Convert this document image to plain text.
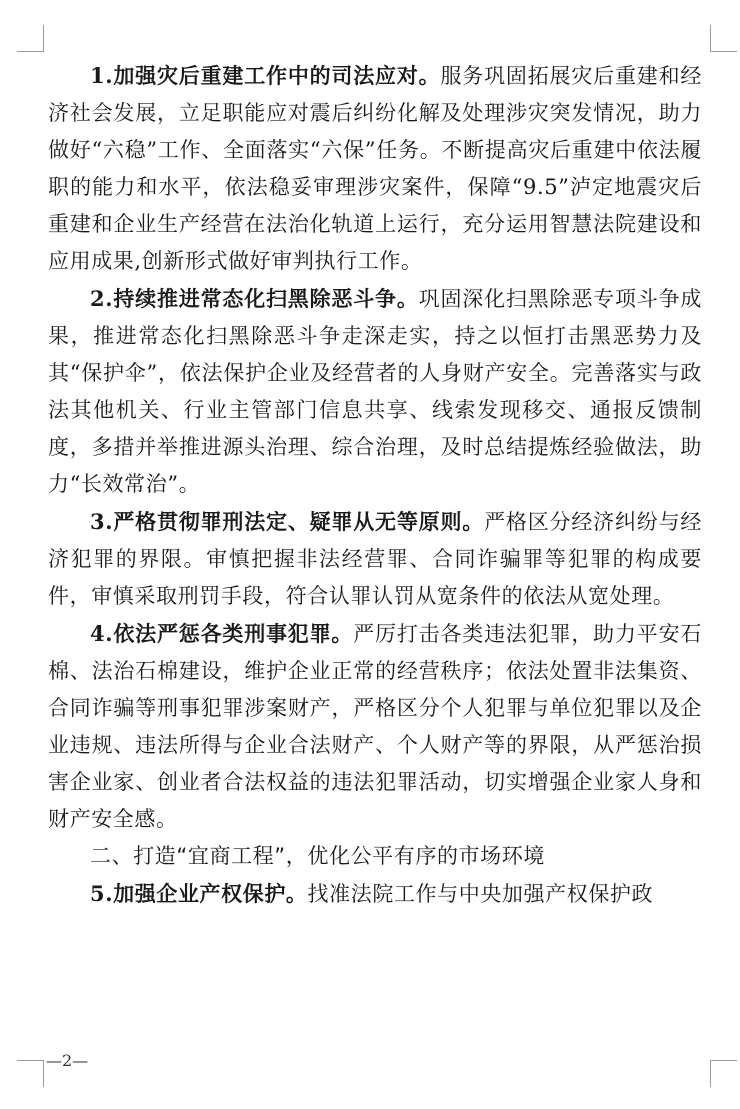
1.加强灾后重建工作中的司法应对。服务巩固拓展灾后重建和经济社会发展，立足职能应对震后纠纷化解及处理涉灾突发情况，助力做好“六稳”工作、全面落实“六保”任务。不断提高灾后重建中依法履职的能力和水平，依法稳妥审理涉灾案件，保障“9.5”泸定地震灾后重建和企业生产经营在法治化轨道上运行，充分运用智慧法院建设和应用成果,创新形式做好审判执行工作。

2.持续推进常态化扫黑除恶斗争。巩固深化扫黑除恶专项斗争成果，推进常态化扫黑除恶斗争走深走实，持之以恒打击黑恶势力及其“保护伞”，依法保护企业及经营者的人身财产安全。完善落实与政法其他机关、行业主管部门信息共享、线索发现移交、通报反馈制度，多措并举推进源头治理、综合治理，及时总结提炼经验做法，助力“长效常治”。

3.严格贯彻罪刑法定、疑罪从无等原则。严格区分经济纠纷与经济犯罪的界限。审慎把握非法经营罪、合同诈骗罪等犯罪的构成要件，审慎采取刑罚手段，符合认罪认罚从宽条件的依法从宽处理。

4.依法严惩各类刑事犯罪。严厉打击各类违法犯罪，助力平安石棉、法治石棉建设，维护企业正常的经营秩序；依法处置非法集资、合同诈骗等刑事犯罪涉案财产，严格区分个人犯罪与单位犯罪以及企业违规、违法所得与企业合法财产、个人财产等的界限，从严惩治损害企业家、创业者合法权益的违法犯罪活动，切实增强企业家人身和财产安全感。

二、打造“宜商工程”，优化公平有序的市场环境

5.加强企业产权保护。找准法院工作与中央加强产权保护政

—2—
